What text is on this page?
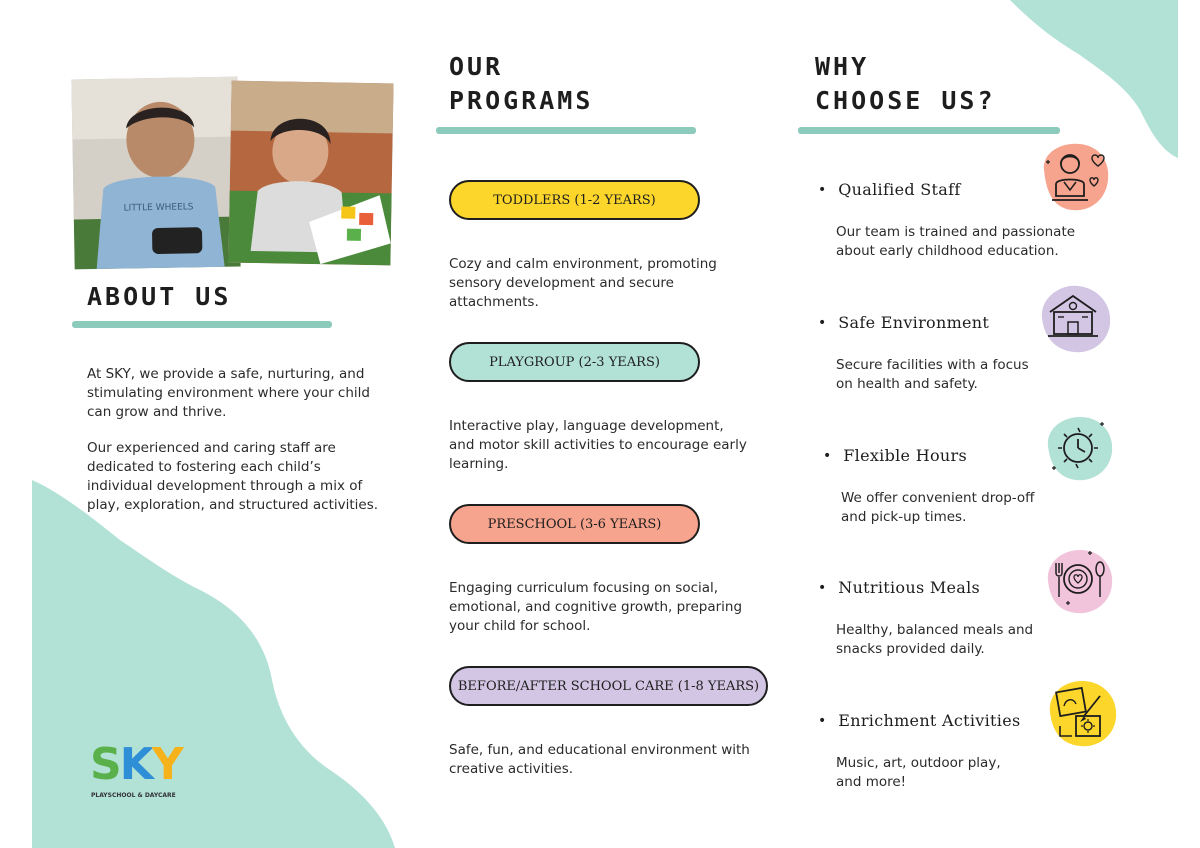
LITTLE WHEELS
ABOUT US

At SKY, we provide a safe, nurturing, and stimulating environment where your child can grow and thrive.

Our experienced and caring staff are dedicated to fostering each child’s individual development through a mix of play, exploration, and structured activities.

SKY
PLAYSCHOOL & DAYCARE
OUR
PROGRAMS
TODDLERS (1-2 YEARS)

Cozy and calm environment, promoting sensory development and secure attachments.

PLAYGROUP (2-3 YEARS)

Interactive play, language development, and motor skill activities to encourage early learning.

PRESCHOOL (3-6 YEARS)

Engaging curriculum focusing on social, emotional, and cognitive growth, preparing your child for school.

BEFORE/AFTER SCHOOL CARE (1-8 YEARS)

Safe, fun, and educational environment with creative activities.

WHY
CHOOSE US?
• Qualified Staff

Our team is trained and passionate about early childhood education.

• Safe Environment

Secure facilities with a focus on health and safety.

• Flexible Hours

We offer convenient drop-off and pick-up times.

• Nutritious Meals

Healthy, balanced meals and snacks provided daily.

• Enrichment Activities

Music, art, outdoor play, and more!
